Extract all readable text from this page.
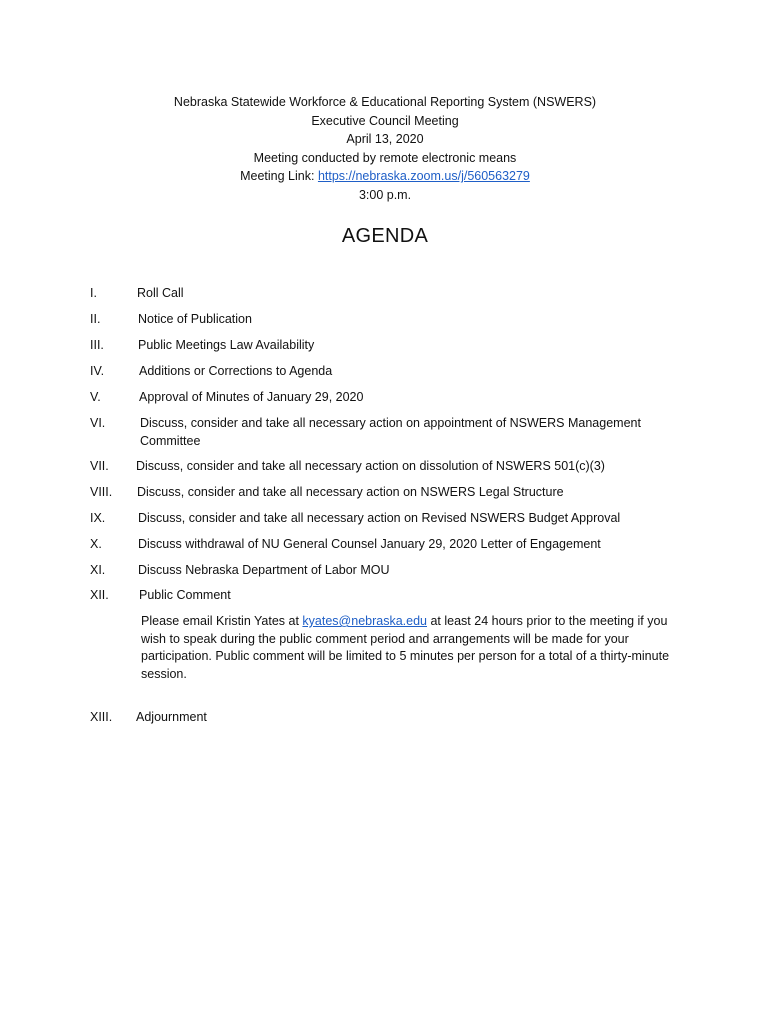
Nebraska Statewide Workforce & Educational Reporting System (NSWERS)
Executive Council Meeting
April 13, 2020
Meeting conducted by remote electronic means
Meeting Link: https://nebraska.zoom.us/j/560563279
3:00 p.m.
AGENDA
I.	Roll Call
II.	Notice of Publication
III.	Public Meetings Law Availability
IV.	Additions or Corrections to Agenda
V.	Approval of Minutes of January 29, 2020
VI.	Discuss, consider and take all necessary action on appointment of NSWERS Management Committee
VII. Discuss, consider and take all necessary action on dissolution of NSWERS 501(c)(3)
VIII. Discuss, consider and take all necessary action on NSWERS Legal Structure
IX.	Discuss, consider and take all necessary action on Revised NSWERS Budget Approval
X.	Discuss withdrawal of NU General Counsel January 29, 2020 Letter of Engagement
XI.	Discuss Nebraska Department of Labor MOU
XII. Public Comment
Please email Kristin Yates at kyates@nebraska.edu at least 24 hours prior to the meeting if you wish to speak during the public comment period and arrangements will be made for your participation. Public comment will be limited to 5 minutes per person for a total of a thirty-minute session.
XIII. Adjournment
